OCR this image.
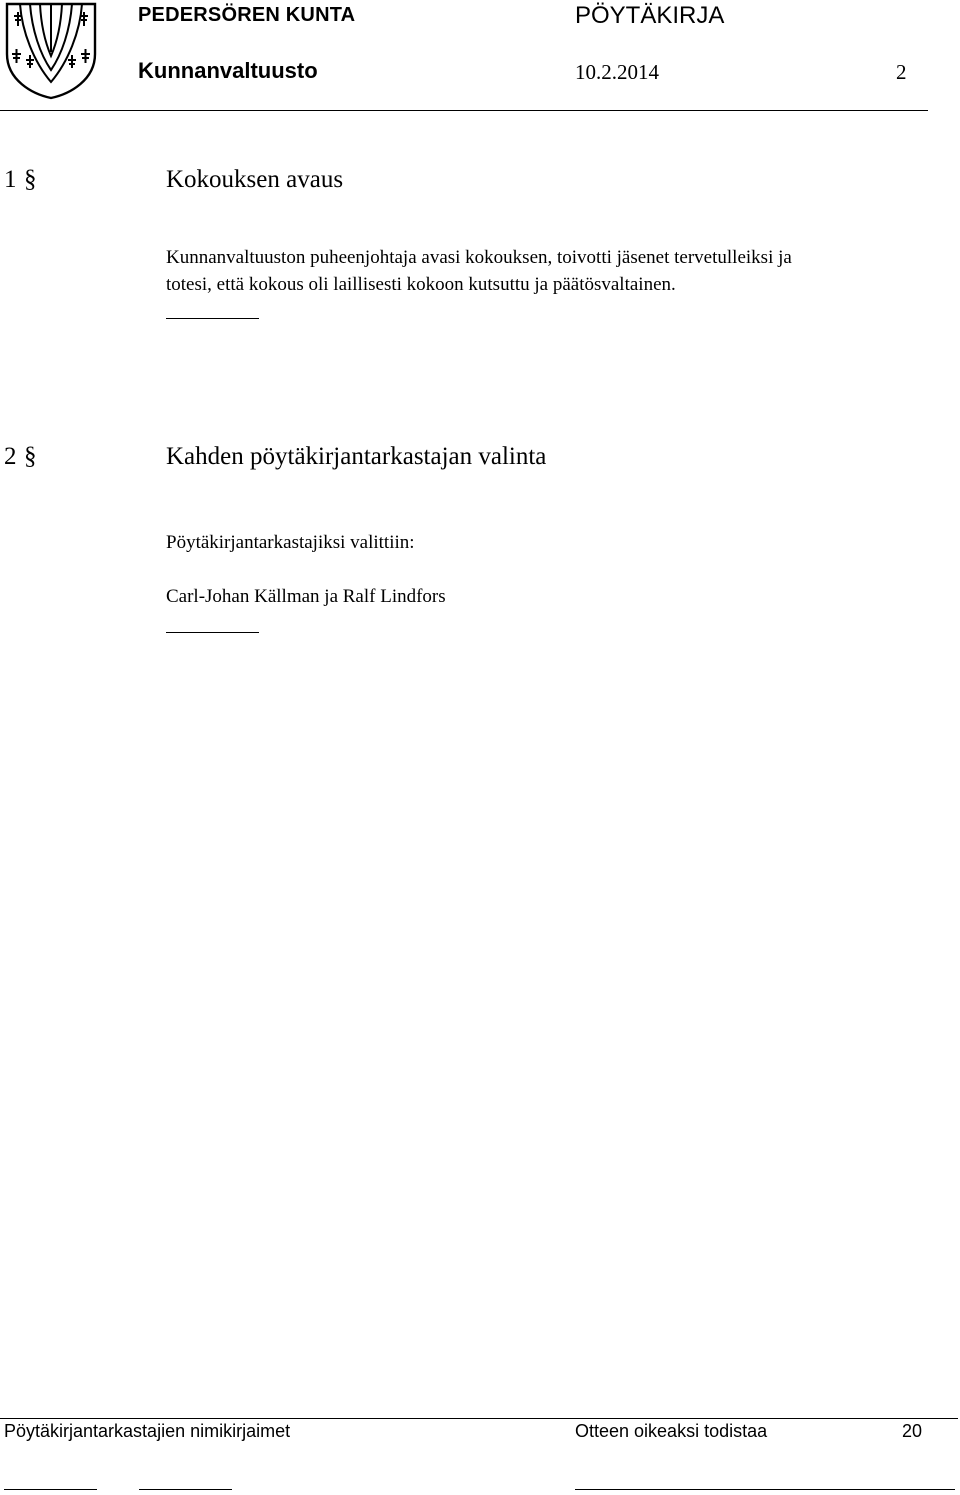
PEDERSÖREN KUNTA	PÖYTÄKIRJA
Kunnanvaltuusto	10.2.2014	2
1 §	Kokouksen avaus
Kunnanvaltuuston puheenjohtaja avasi kokouksen, toivotti jäsenet tervetulleiksi ja
totesi, että kokous oli laillisesti kokoon kutsuttu ja päätösvaltainen.
2 §	Kahden pöytäkirjantarkastajan valinta
Pöytäkirjantarkastajiksi valittiin:
Carl-Johan Källman ja Ralf Lindfors
Pöytäkirjantarkastajien nimikirjaimet	Otteen oikeaksi todistaa	20
